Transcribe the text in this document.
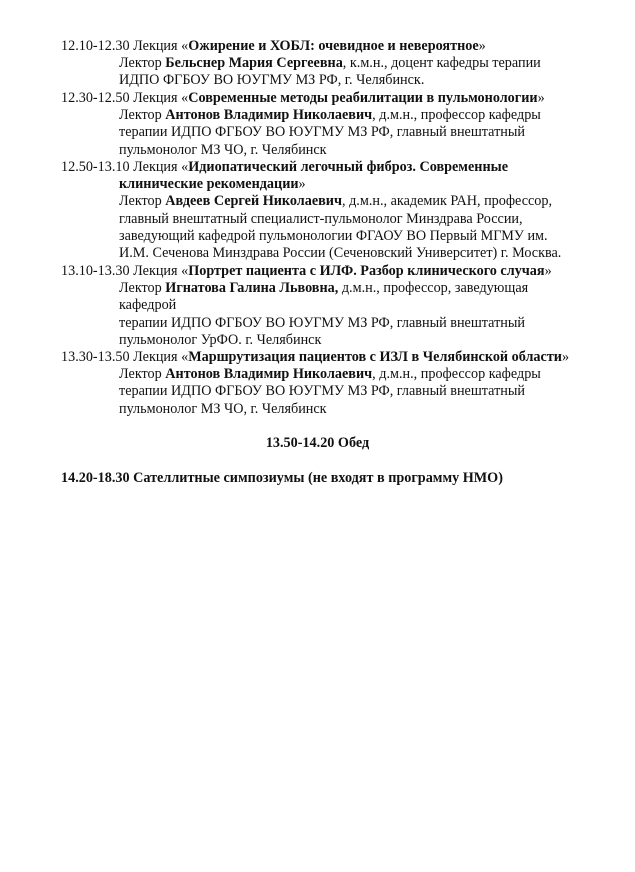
12.10-12.30 Лекция «Ожирение и ХОБЛ: очевидное и невероятное»
Лектор Бельснер Мария Сергеевна, к.м.н., доцент кафедры терапии
ИДПО ФГБОУ ВО ЮУГМУ МЗ РФ, г. Челябинск.
12.30-12.50 Лекция «Современные методы реабилитации в пульмонологии»
Лектор Антонов Владимир Николаевич, д.м.н., профессор кафедры
терапии ИДПО ФГБОУ ВО ЮУГМУ МЗ РФ, главный внештатный
пульмонолог МЗ ЧО, г. Челябинск
12.50-13.10 Лекция «Идиопатический легочный фиброз. Современные
клинические рекомендации»
Лектор Авдеев Сергей Николаевич, д.м.н., академик РАН, профессор,
главный внештатный специалист-пульмонолог Минздрава России,
заведующий кафедрой пульмонологии ФГАОУ ВО Первый МГМУ им.
И.М. Сеченова Минздрава России (Сеченовский Университет) г. Москва.
13.10-13.30 Лекция «Портрет пациента с ИЛФ. Разбор клинического случая»
Лектор Игнатова Галина Львовна, д.м.н., профессор, заведующая
кафедрой
терапии ИДПО ФГБОУ ВО ЮУГМУ МЗ РФ, главный внештатный
пульмонолог УрФО. г. Челябинск
13.30-13.50 Лекция «Маршрутизация пациентов с ИЗЛ в Челябинской области»
Лектор Антонов Владимир Николаевич, д.м.н., профессор кафедры
терапии ИДПО ФГБОУ ВО ЮУГМУ МЗ РФ, главный внештатный
пульмонолог МЗ ЧО, г. Челябинск
13.50-14.20 Обед
14.20-18.30 Сателлитные симпозиумы (не входят в программу НМО)
